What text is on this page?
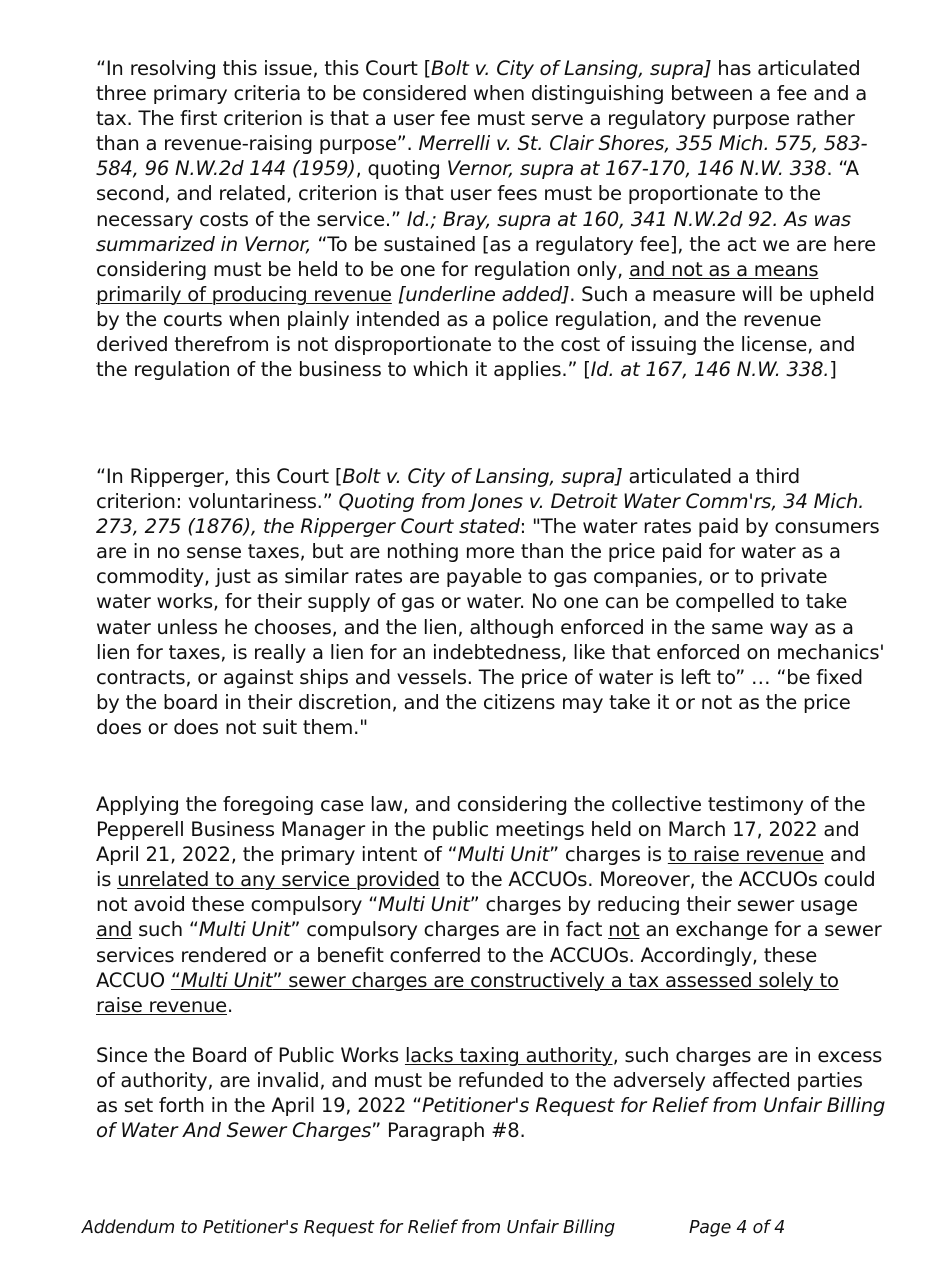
“In resolving this issue, this Court [Bolt v. City of Lansing, supra] has articulated three primary criteria to be considered when distinguishing between a fee and a tax. The first criterion is that a user fee must serve a regulatory purpose rather than a revenue-raising purpose”. Merrelli v. St. Clair Shores, 355 Mich. 575, 583-584, 96 N.W.2d 144 (1959), quoting Vernor, supra at 167-170, 146 N.W. 338. “A second, and related, criterion is that user fees must be proportionate to the necessary costs of the service.” Id.; Bray, supra at 160, 341 N.W.2d 92. As was summarized in Vernor, “To be sustained [as a regulatory fee], the act we are here considering must be held to be one for regulation only, and not as a means primarily of producing revenue [underline added]. Such a measure will be upheld by the courts when plainly intended as a police regulation, and the revenue derived therefrom is not disproportionate to the cost of issuing the license, and the regulation of the business to which it applies.” [Id. at 167, 146 N.W. 338.]

“In Ripperger, this Court [Bolt v. City of Lansing, supra] articulated a third criterion: voluntariness.” Quoting from Jones v. Detroit Water Comm'rs, 34 Mich. 273, 275 (1876), the Ripperger Court stated: "The water rates paid by consumers are in no sense taxes, but are nothing more than the price paid for water as a commodity, just as similar rates are payable to gas companies, or to private water works, for their supply of gas or water. No one can be compelled to take water unless he chooses, and the lien, although enforced in the same way as a lien for taxes, is really a lien for an indebtedness, like that enforced on mechanics' contracts, or against ships and vessels. The price of water is left to” … “be fixed by the board in their discretion, and the citizens may take it or not as the price does or does not suit them."

Applying the foregoing case law, and considering the collective testimony of the Pepperell Business Manager in the public meetings held on March 17, 2022 and April 21, 2022, the primary intent of “Multi Unit” charges is to raise revenue and is unrelated to any service provided to the ACCUOs. Moreover, the ACCUOs could not avoid these compulsory “Multi Unit” charges by reducing their sewer usage and such “Multi Unit” compulsory charges are in fact not an exchange for a sewer services rendered or a benefit conferred to the ACCUOs. Accordingly, these ACCUO “Multi Unit” sewer charges are constructively a tax assessed solely to raise revenue.

Since the Board of Public Works lacks taxing authority, such charges are in excess of authority, are invalid, and must be refunded to the adversely affected parties as set forth in the April 19, 2022 “Petitioner's Request for Relief from Unfair Billing of Water And Sewer Charges” Paragraph #8.

Addendum to Petitioner's Request for Relief from Unfair Billing	Page 4 of 4
